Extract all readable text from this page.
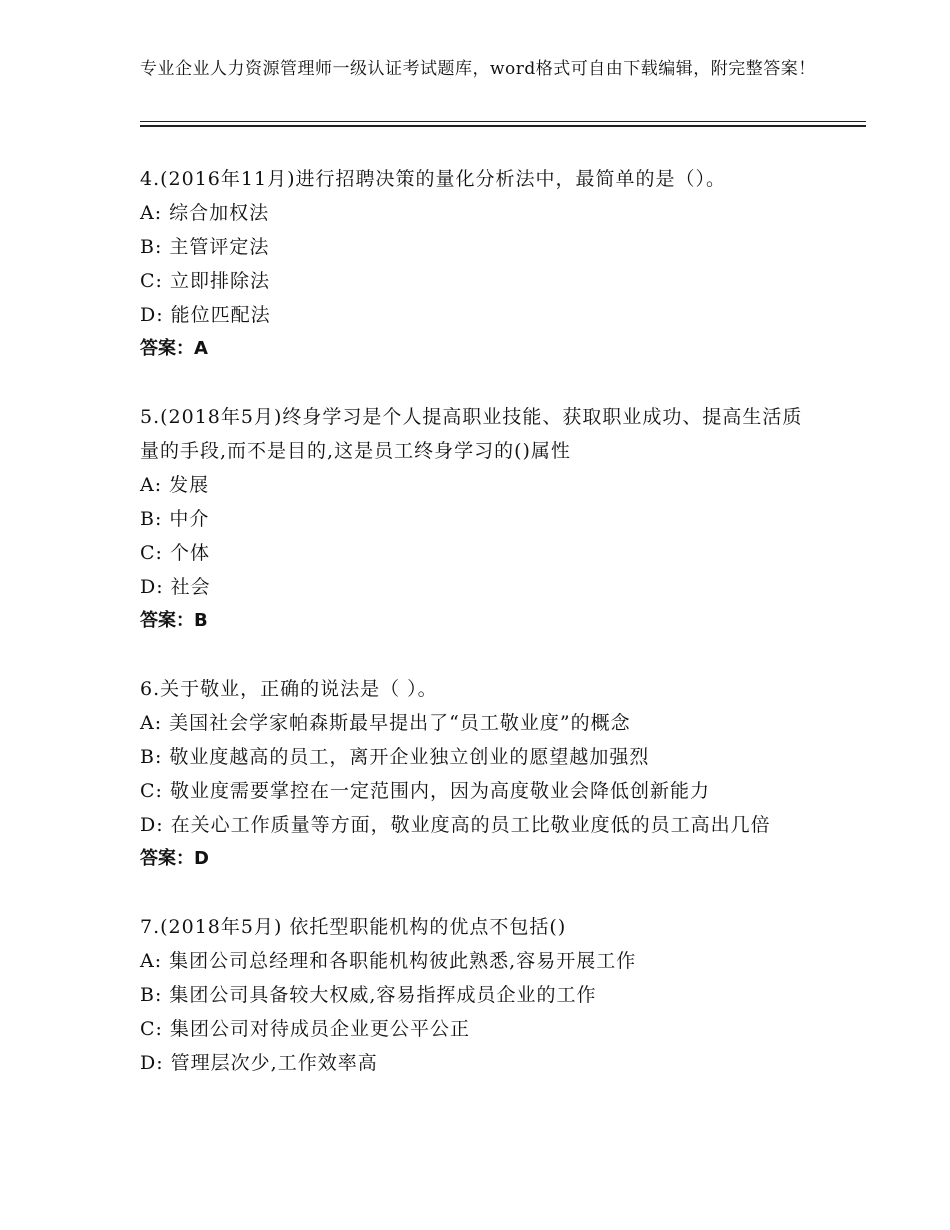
专业企业人力资源管理师一级认证考试题库，word格式可自由下载编辑，附完整答案！
4.(2016年11月)进行招聘决策的量化分析法中，最简单的是（）。
A: 综合加权法
B: 主管评定法
C: 立即排除法
D: 能位匹配法
答案：A
5.(2018年5月)终身学习是个人提高职业技能、获取职业成功、提高生活质量的手段,而不是目的,这是员工终身学习的()属性
A: 发展
B: 中介
C: 个体
D: 社会
答案：B
6.关于敬业，正确的说法是（ ）。
A: 美国社会学家帕森斯最早提出了“员工敬业度”的概念
B: 敬业度越高的员工，离开企业独立创业的愿望越加强烈
C: 敬业度需要掌控在一定范围内，因为高度敬业会降低创新能力
D: 在关心工作质量等方面，敬业度高的员工比敬业度低的员工高出几倍
答案：D
7.(2018年5月) 依托型职能机构的优点不包括()
A: 集团公司总经理和各职能机构彼此熟悉,容易开展工作
B: 集团公司具备较大权威,容易指挥成员企业的工作
C: 集团公司对待成员企业更公平公正
D: 管理层次少,工作效率高
